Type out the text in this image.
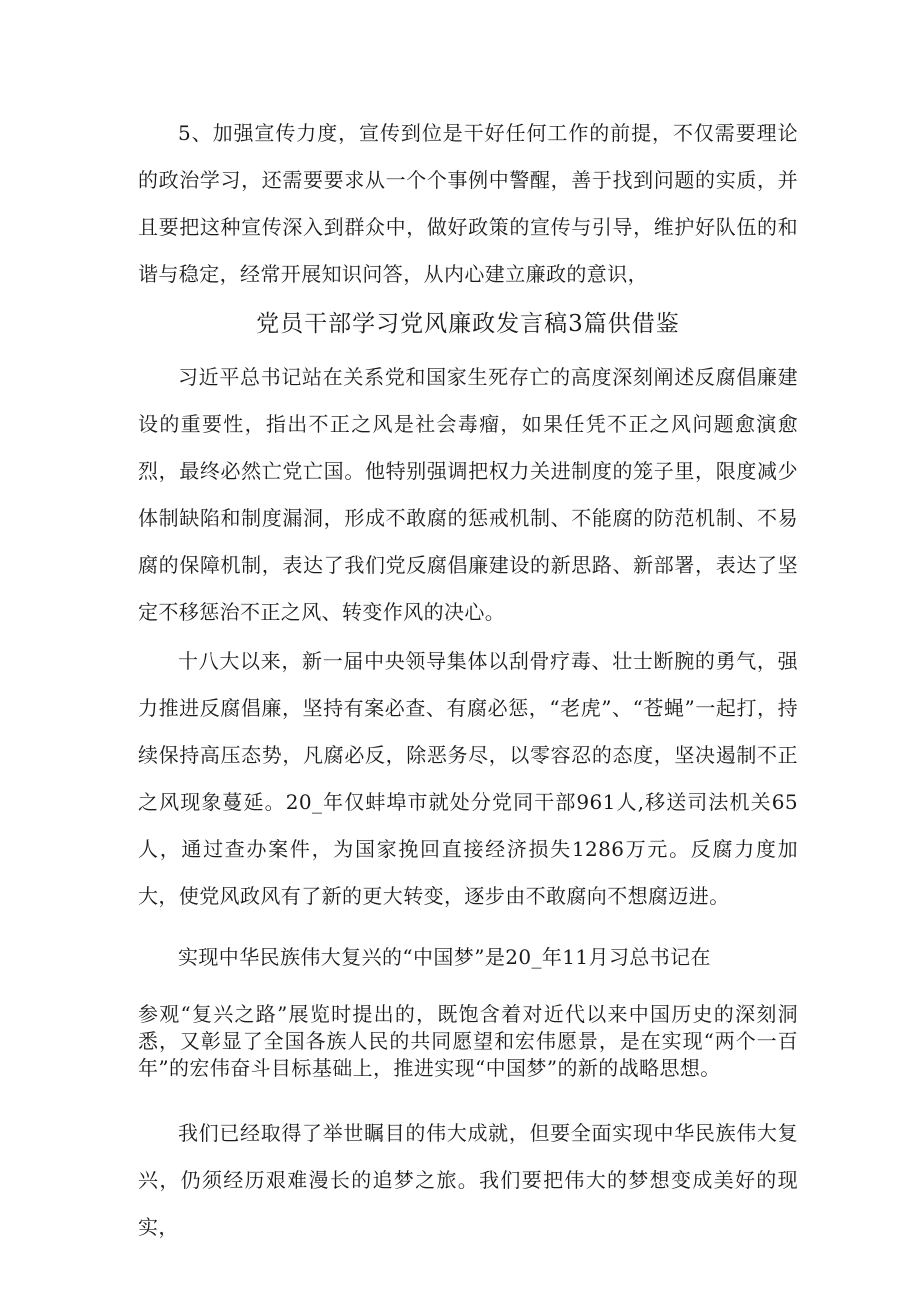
5、加强宣传力度，宣传到位是干好任何工作的前提，不仅需要理论的政治学习，还需要要求从一个个事例中警醒，善于找到问题的实质，并且要把这种宣传深入到群众中，做好政策的宣传与引导，维护好队伍的和谐与稳定，经常开展知识问答，从内心建立廉政的意识，

党员干部学习党风廉政发言稿3篇供借鉴

习近平总书记站在关系党和国家生死存亡的高度深刻阐述反腐倡廉建设的重要性，指出不正之风是社会毒瘤，如果任凭不正之风问题愈演愈烈，最终必然亡党亡国。他特别强调把权力关进制度的笼子里，限度减少体制缺陷和制度漏洞，形成不敢腐的惩戒机制、不能腐的防范机制、不易腐的保障机制，表达了我们党反腐倡廉建设的新思路、新部署，表达了坚定不移惩治不正之风、转变作风的决心。

十八大以来，新一届中央领导集体以刮骨疗毒、壮士断腕的勇气，强力推进反腐倡廉，坚持有案必查、有腐必惩，“老虎”、“苍蝇”一起打，持续保持高压态势，凡腐必反，除恶务尽，以零容忍的态度，坚决遏制不正之风现象蔓延。20_年仅蚌埠市就处分党同干部961人,移送司法机关65人，通过查办案件，为国家挽回直接经济损失1286万元。反腐力度加大，使党风政风有了新的更大转变，逐步由不敢腐向不想腐迈进。

实现中华民族伟大复兴的“中国梦”是20_年11月习总书记在

参观“复兴之路”展览时提出的，既饱含着对近代以来中国历史的深刻洞悉，又彰显了全国各族人民的共同愿望和宏伟愿景，是在实现“两个一百年”的宏伟奋斗目标基础上，推进实现“中国梦”的新的战略思想。

我们已经取得了举世瞩目的伟大成就，但要全面实现中华民族伟大复兴，仍须经历艰难漫长的追梦之旅。我们要把伟大的梦想变成美好的现实，
